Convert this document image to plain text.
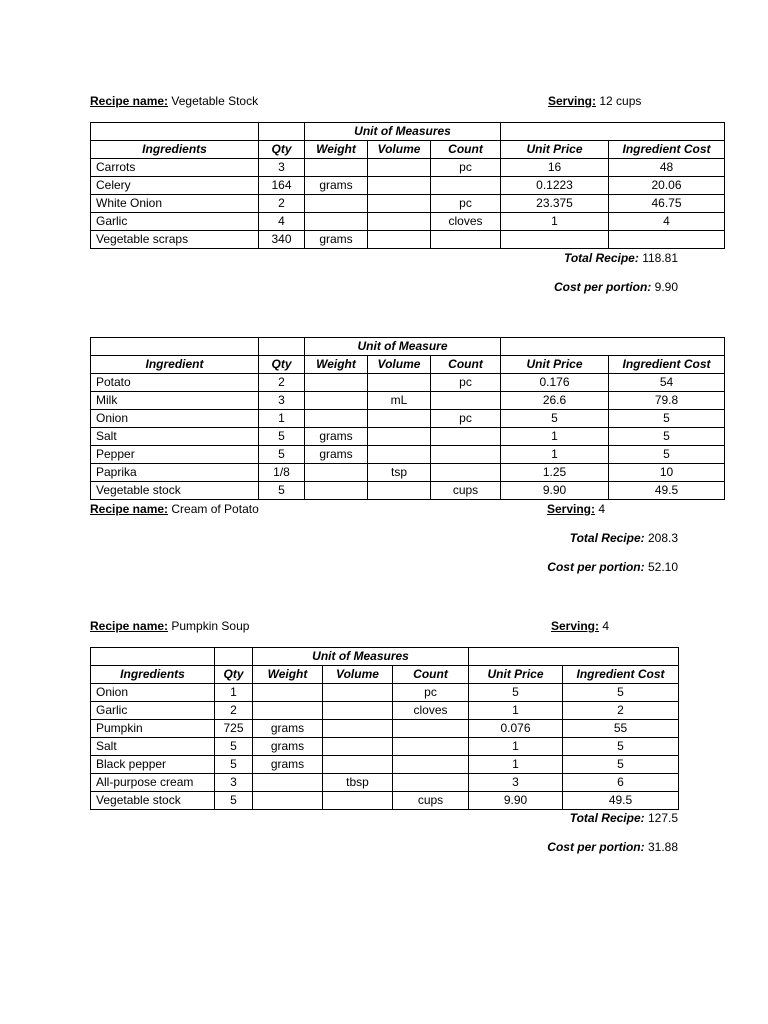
Recipe name: Vegetable Stock	Serving: 12 cups
		Unit of Measures				
Ingredients	Qty	Weight	Volume	Count	Unit Price	Ingredient Cost
Carrots	3			pc	16	48
Celery	164	grams			0.1223	20.06
White Onion	2			pc	23.375	46.75
Garlic	4			cloves	1	4
Vegetable scraps	340	grams				
Total Recipe: 118.81
Cost per portion: 9.90
		Unit of Measure				
Ingredient	Qty	Weight	Volume	Count	Unit Price	Ingredient Cost
Potato	2			pc	0.176	54
Milk	3		mL		26.6	79.8
Onion	1			pc	5	5
Salt	5	grams			1	5
Pepper	5	grams			1	5
Paprika	1/8		tsp		1.25	10
Vegetable stock	5			cups	9.90	49.5
Recipe name: Cream of Potato	Serving: 4
Total Recipe: 208.3
Cost per portion: 52.10
Recipe name: Pumpkin Soup	Serving: 4
		Unit of Measures				
Ingredients	Qty	Weight	Volume	Count	Unit Price	Ingredient Cost
Onion	1			pc	5	5
Garlic	2			cloves	1	2
Pumpkin	725	grams			0.076	55
Salt	5	grams			1	5
Black pepper	5	grams			1	5
All-purpose cream	3		tbsp		3	6
Vegetable stock	5			cups	9.90	49.5
Total Recipe: 127.5
Cost per portion: 31.88
